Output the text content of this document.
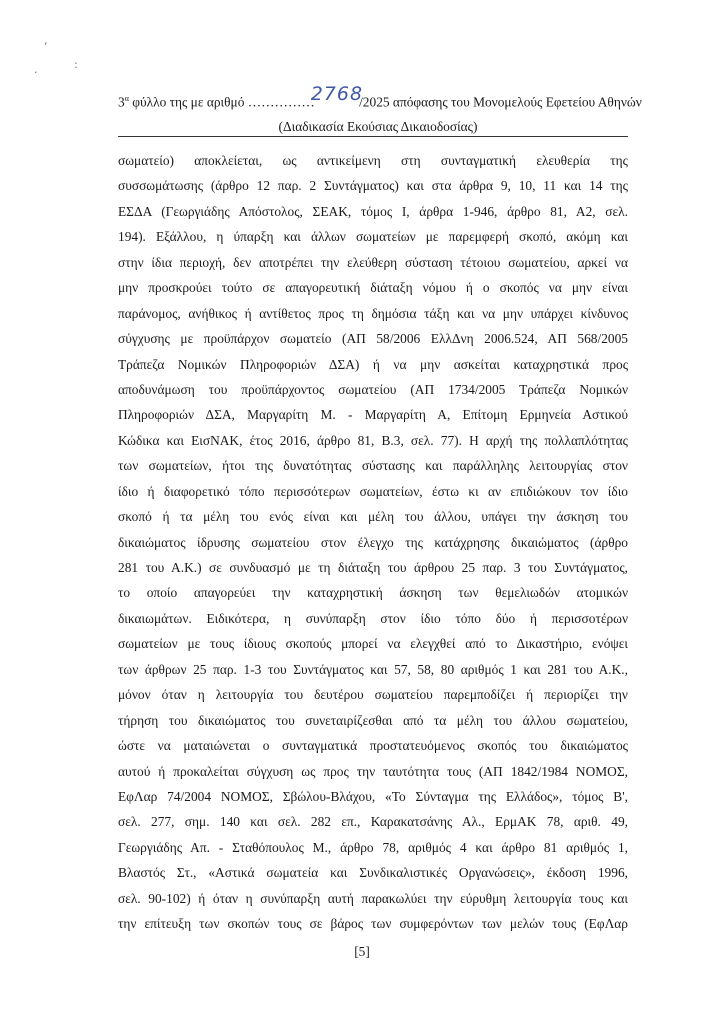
,
·
:
$3^\alpha$ φύλλο της με αριθμό ……………2768/2025 απόφασης του Μονομελούς Εφετείου Αθηνών
(Διαδικασία Εκούσιας Δικαιοδοσίας)
σωματείο) αποκλείεται, ως αντικείμενη στη συνταγματική ελευθερία της
συσσωμάτωσης (άρθρο 12 παρ. 2 Συντάγματος) και στα άρθρα 9, 10, 11 και 14 της
ΕΣΔΑ (Γεωργιάδης Απόστολος, ΣΕΑΚ, τόμος Ι, άρθρα 1-946, άρθρο 81, Α2, σελ.
194). Εξάλλου, η ύπαρξη και άλλων σωματείων με παρεμφερή σκοπό, ακόμη και
στην ίδια περιοχή, δεν αποτρέπει την ελεύθερη σύσταση τέτοιου σωματείου, αρκεί να
μην προσκρούει τούτο σε απαγορευτική διάταξη νόμου ή ο σκοπός να μην είναι
παράνομος, ανήθικος ή αντίθετος προς τη δημόσια τάξη και να μην υπάρχει κίνδυνος
σύγχυσης με προϋπάρχον σωματείο (ΑΠ 58/2006 ΕλλΔνη 2006.524, ΑΠ 568/2005
Τράπεζα Νομικών Πληροφοριών ΔΣΑ) ή να μην ασκείται καταχρηστικά προς
αποδυνάμωση του προϋπάρχοντος σωματείου (ΑΠ 1734/2005 Τράπεζα Νομικών
Πληροφοριών ΔΣΑ, Μαργαρίτη Μ. - Μαργαρίτη Α, Επίτομη Ερμηνεία Αστικού
Κώδικα και ΕισΝΑΚ, έτος 2016, άρθρο 81, Β.3, σελ. 77). Η αρχή της πολλαπλότητας
των σωματείων, ήτοι της δυνατότητας σύστασης και παράλληλης λειτουργίας στον
ίδιο ή διαφορετικό τόπο περισσότερων σωματείων, έστω κι αν επιδιώκουν τον ίδιο
σκοπό ή τα μέλη του ενός είναι και μέλη του άλλου, υπάγει την άσκηση του
δικαιώματος ίδρυσης σωματείου στον έλεγχο της κατάχρησης δικαιώματος (άρθρο
281 του Α.Κ.) σε συνδυασμό με τη διάταξη του άρθρου 25 παρ. 3 του Συντάγματος,
το οποίο απαγορεύει την καταχρηστική άσκηση των θεμελιωδών ατομικών
δικαιωμάτων. Ειδικότερα, η συνύπαρξη στον ίδιο τόπο δύο ή περισσοτέρων
σωματείων με τους ίδιους σκοπούς μπορεί να ελεγχθεί από το Δικαστήριο, ενόψει
των άρθρων 25 παρ. 1-3 του Συντάγματος και 57, 58, 80 αριθμός 1 και 281 του Α.Κ.,
μόνον όταν η λειτουργία του δευτέρου σωματείου παρεμποδίζει ή περιορίζει την
τήρηση του δικαιώματος του συνεταιρίζεσθαι από τα μέλη του άλλου σωματείου,
ώστε να ματαιώνεται ο συνταγματικά προστατευόμενος σκοπός του δικαιώματος
αυτού ή προκαλείται σύγχυση ως προς την ταυτότητα τους (ΑΠ 1842/1984 ΝΟΜΟΣ,
ΕφΛαρ 74/2004 ΝΟΜΟΣ, Σβώλου-Βλάχου, «Το Σύνταγμα της Ελλάδος», τόμος Β',
σελ. 277, σημ. 140 και σελ. 282 επ., Καρακατσάνης Αλ., ΕρμΑΚ 78, αριθ. 49,
Γεωργιάδης Απ. - Σταθόπουλος Μ., άρθρο 78, αριθμός 4 και άρθρο 81 αριθμός 1,
Βλαστός Στ., «Αστικά σωματεία και Συνδικαλιστικές Οργανώσεις», έκδοση 1996,
σελ. 90-102) ή όταν η συνύπαρξη αυτή παρακωλύει την εύρυθμη λειτουργία τους και
την επίτευξη των σκοπών τους σε βάρος των συμφερόντων των μελών τους (ΕφΛαρ
[5]
